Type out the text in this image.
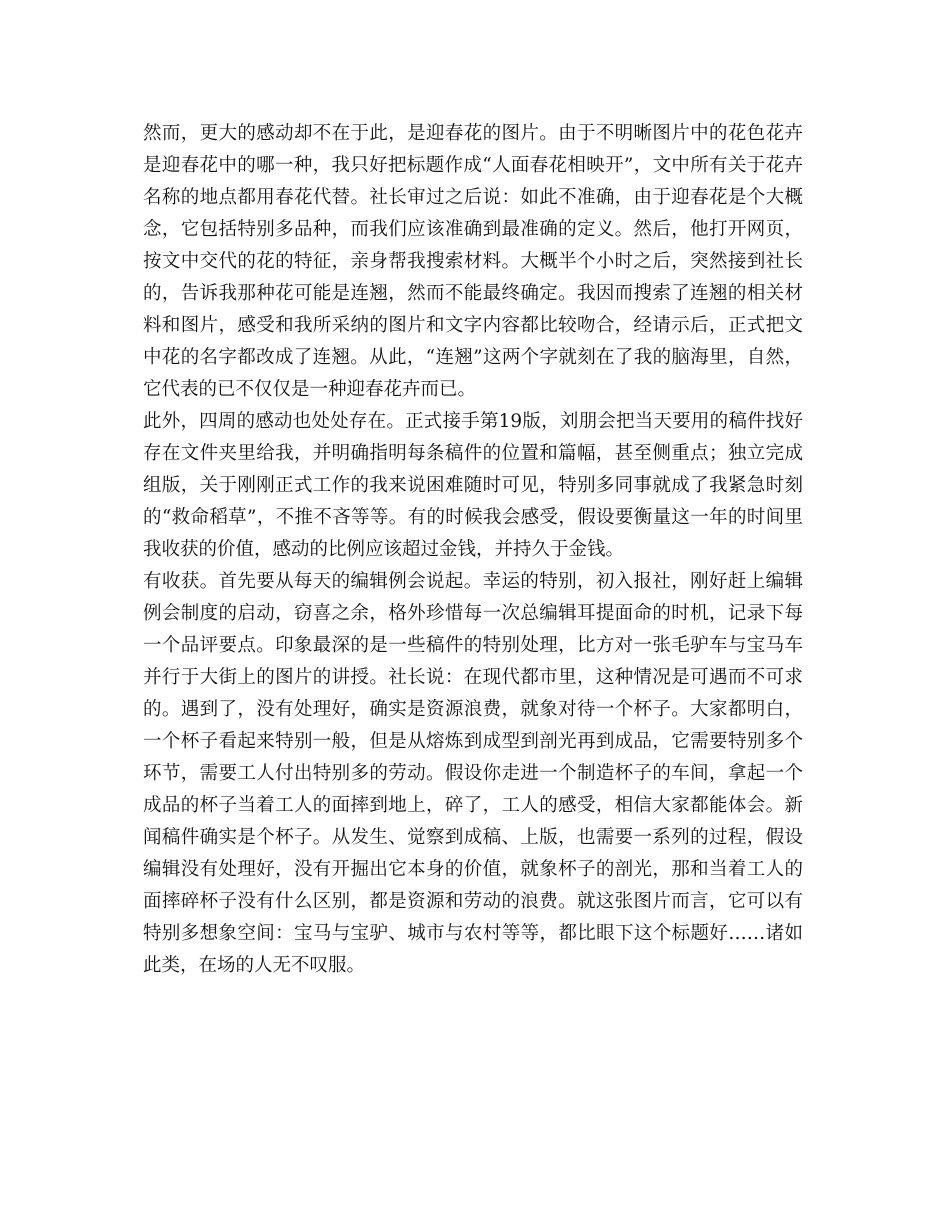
然而，更大的感动却不在于此，是迎春花的图片。由于不明晰图片中的花色花卉是迎春花中的哪一种，我只好把标题作成“人面春花相映开”，文中所有关于花卉名称的地点都用春花代替。社长审过之后说：如此不准确，由于迎春花是个大概念，它包括特别多品种，而我们应该准确到最准确的定义。然后，他打开网页，按文中交代的花的特征，亲身帮我搜索材料。大概半个小时之后，突然接到社长的，告诉我那种花可能是连翘，然而不能最终确定。我因而搜索了连翘的相关材料和图片，感受和我所采纳的图片和文字内容都比较吻合，经请示后，正式把文中花的名字都改成了连翘。从此，“连翘”这两个字就刻在了我的脑海里，自然，它代表的已不仅仅是一种迎春花卉而已。

此外，四周的感动也处处存在。正式接手第19版，刘朋会把当天要用的稿件找好存在文件夹里给我，并明确指明每条稿件的位置和篇幅，甚至侧重点；独立完成组版，关于刚刚正式工作的我来说困难随时可见，特别多同事就成了我紧急时刻的“救命稻草”，不推不吝等等。有的时候我会感受，假设要衡量这一年的时间里我收获的价值，感动的比例应该超过金钱，并持久于金钱。

有收获。首先要从每天的编辑例会说起。幸运的特别，初入报社，刚好赶上编辑例会制度的启动，窃喜之余，格外珍惜每一次总编辑耳提面命的时机，记录下每一个品评要点。印象最深的是一些稿件的特别处理，比方对一张毛驴车与宝马车并行于大街上的图片的讲授。社长说：在现代都市里，这种情况是可遇而不可求的。遇到了，没有处理好，确实是资源浪费，就象对待一个杯子。大家都明白，一个杯子看起来特别一般，但是从熔炼到成型到剖光再到成品，它需要特别多个环节，需要工人付出特别多的劳动。假设你走进一个制造杯子的车间，拿起一个成品的杯子当着工人的面摔到地上，碎了，工人的感受，相信大家都能体会。新闻稿件确实是个杯子。从发生、觉察到成稿、上版，也需要一系列的过程，假设编辑没有处理好，没有开掘出它本身的价值，就象杯子的剖光，那和当着工人的面摔碎杯子没有什么区别，都是资源和劳动的浪费。就这张图片而言，它可以有特别多想象空间：宝马与宝驴、城市与农村等等，都比眼下这个标题好……诸如此类，在场的人无不叹服。
